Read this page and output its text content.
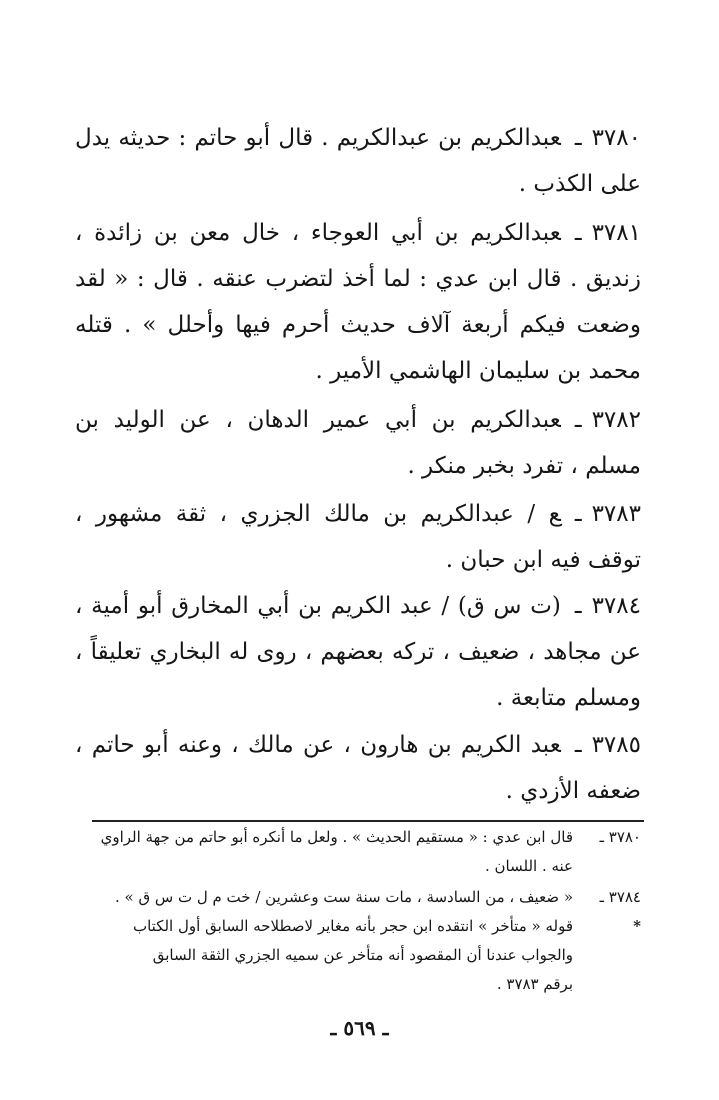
٣٧٨٠ـعبدالكريم بن عبدالكريم . قال أبو حاتم : حديثه يدل على الكذب .
٣٧٨١ـعبدالكريم بن أبي العوجاء ، خال معن بن زائدة ، زنديق . قال ابن عدي : لما أخذ لتضرب عنقه . قال : « لقد وضعت فيكم أربعة آلاف حديث أحرم فيها وأحلل » . قتله محمد بن سليمان الهاشمي الأمير .
٣٧٨٢ـعبدالكريم بن أبي عمير الدهان ، عن الوليد بن مسلم ، تفرد بخبر منكر .
٣٧٨٣ـع / عبدالكريم بن مالك الجزري ، ثقة مشهور ، توقف فيه ابن حبان .
٣٧٨٤ـ(ت س ق) / عبد الكريم بن أبي المخارق أبو أمية ، عن مجاهد ، ضعيف ، تركه بعضهم ، روى له البخاري تعليقاً ، ومسلم متابعة .
٣٧٨٥ـعبد الكريم بن هارون ، عن مالك ، وعنه أبو حاتم ، ضعفه الأزدي .
٣٧٨٠ ـقال ابن عدي : « مستقيم الحديث » . ولعل ما أنكره أبو حاتم من جهة الراوي
عنه . اللسان .
٣٧٨٤ ـ« ضعيف ، من السادسة ، مات سنة ست وعشرين / خت م ل ت س ق » .
*قوله « متأخر » انتقده ابن حجر بأنه مغاير لاصطلاحه السابق أول الكتاب
والجواب عندنا أن المقصود أنه متأخر عن سميه الجزري الثقة السابق
برقم ٣٧٨٣ .
ـ ٥٦٩ ـ
